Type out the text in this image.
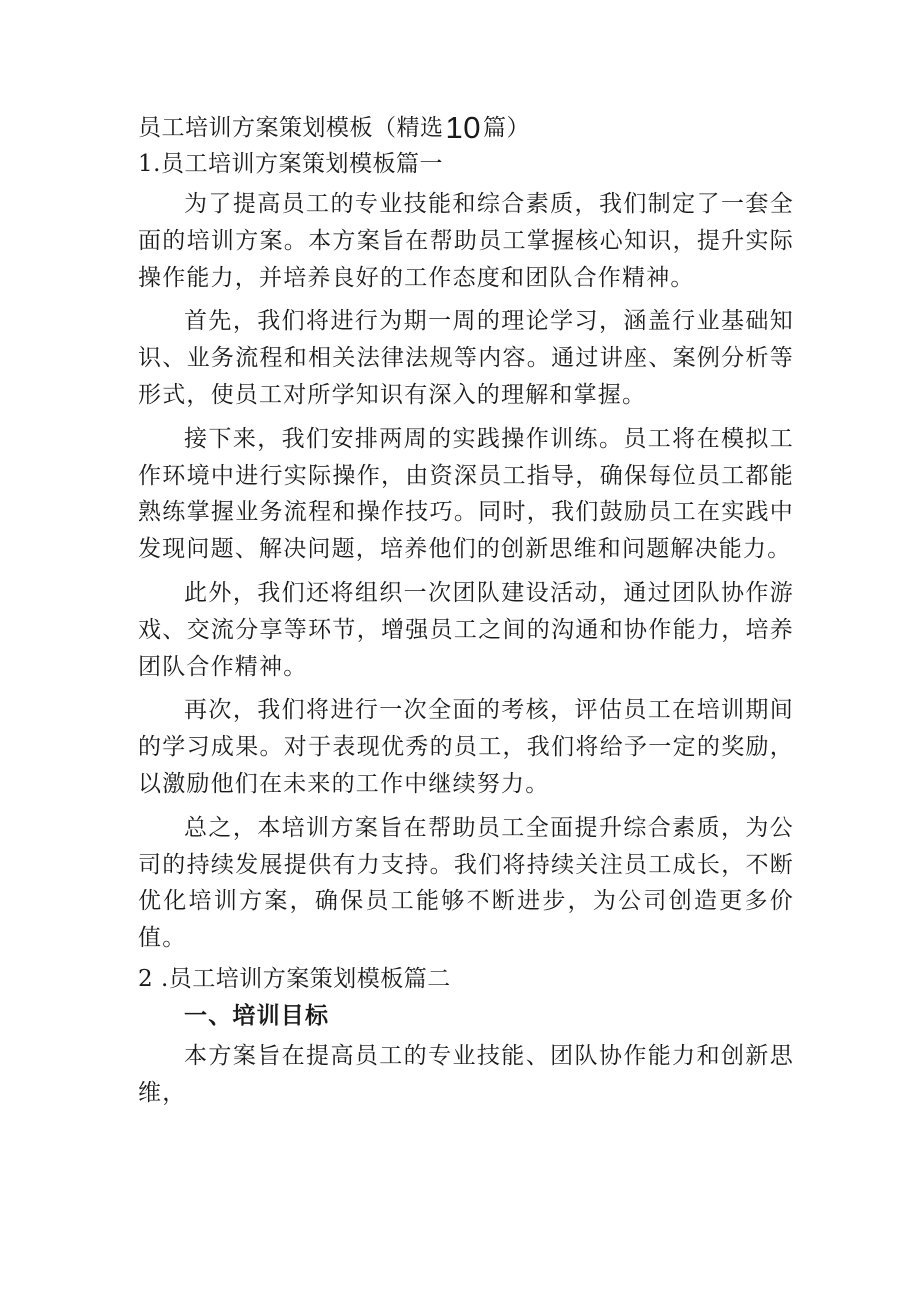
员工培训方案策划模板（精选10篇）
1.员工培训方案策划模板篇一

为了提高员工的专业技能和综合素质，我们制定了一套全面的培训方案。本方案旨在帮助员工掌握核心知识，提升实际操作能力，并培养良好的工作态度和团队合作精神。

首先，我们将进行为期一周的理论学习，涵盖行业基础知识、业务流程和相关法律法规等内容。通过讲座、案例分析等形式，使员工对所学知识有深入的理解和掌握。

接下来，我们安排两周的实践操作训练。员工将在模拟工作环境中进行实际操作，由资深员工指导，确保每位员工都能熟练掌握业务流程和操作技巧。同时，我们鼓励员工在实践中发现问题、解决问题，培养他们的创新思维和问题解决能力。

此外，我们还将组织一次团队建设活动，通过团队协作游戏、交流分享等环节，增强员工之间的沟通和协作能力，培养团队合作精神。

再次，我们将进行一次全面的考核，评估员工在培训期间的学习成果。对于表现优秀的员工，我们将给予一定的奖励，以激励他们在未来的工作中继续努力。

总之，本培训方案旨在帮助员工全面提升综合素质，为公司的持续发展提供有力支持。我们将持续关注员工成长，不断优化培训方案，确保员工能够不断进步，为公司创造更多价值。

2 .员工培训方案策划模板篇二
一、培训目标

本方案旨在提高员工的专业技能、团队协作能力和创新思维，
